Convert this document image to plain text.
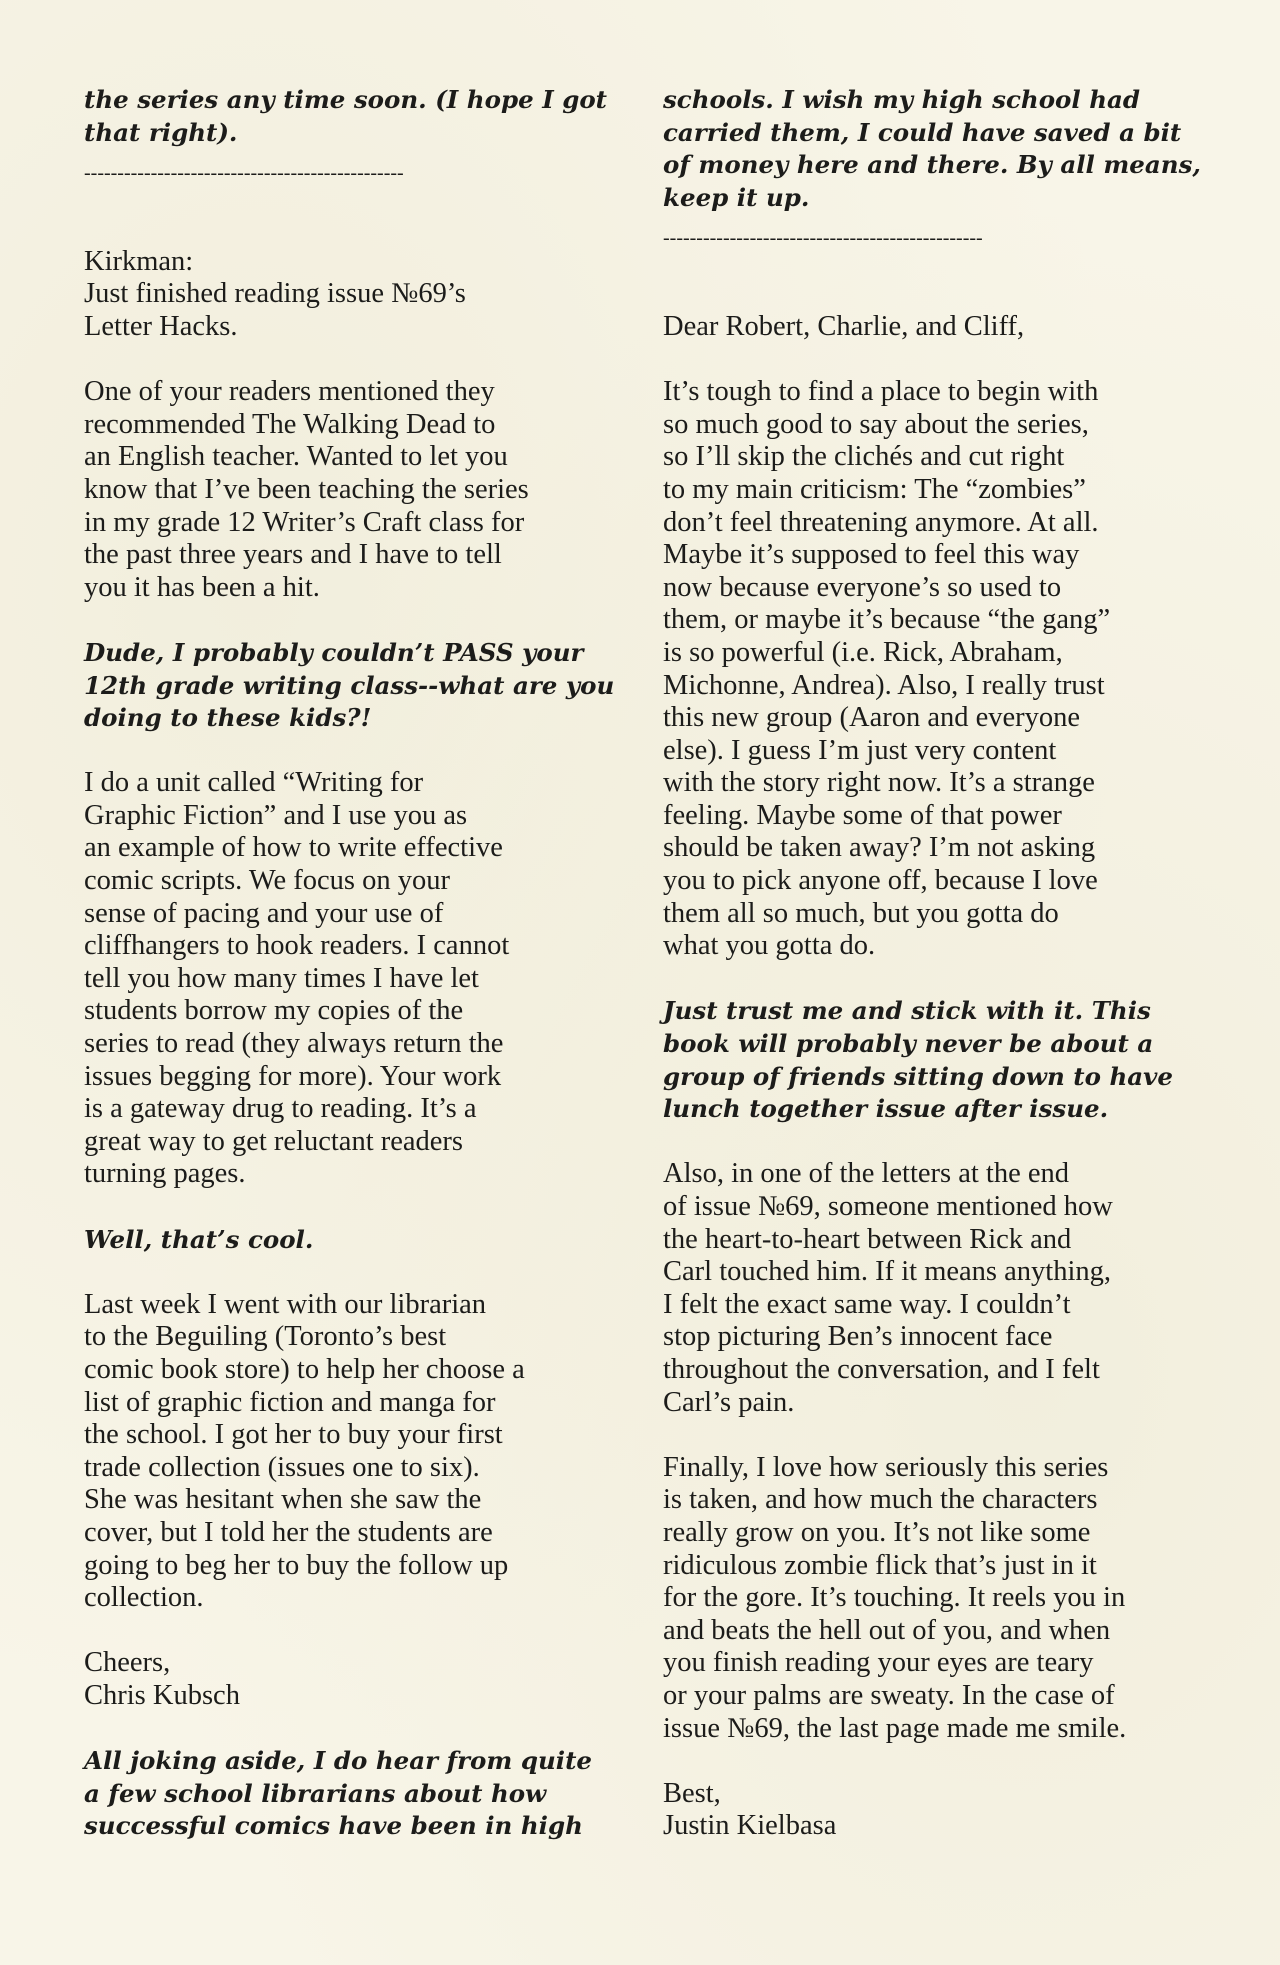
the series any time soon. (I hope I got
that right).

------------------------------------------------

Kirkman:
Just finished reading issue №69’s
Letter Hacks.

One of your readers mentioned they
recommended The Walking Dead to
an English teacher. Wanted to let you
know that I’ve been teaching the series
in my grade 12 Writer’s Craft class for
the past three years and I have to tell
you it has been a hit.

Dude, I probably couldn’t PASS your
12th grade writing class--what are you
doing to these kids?!

I do a unit called “Writing for
Graphic Fiction” and I use you as
an example of how to write effective
comic scripts. We focus on your
sense of pacing and your use of
cliffhangers to hook readers. I cannot
tell you how many times I have let
students borrow my copies of the
series to read (they always return the
issues begging for more). Your work
is a gateway drug to reading. It’s a
great way to get reluctant readers
turning pages.

Well, that’s cool.

Last week I went with our librarian
to the Beguiling (Toronto’s best
comic book store) to help her choose a
list of graphic fiction and manga for
the school. I got her to buy your first
trade collection (issues one to six).
She was hesitant when she saw the
cover, but I told her the students are
going to beg her to buy the follow up
collection.

Cheers,
Chris Kubsch

All joking aside, I do hear from quite
a few school librarians about how
successful comics have been in high

schools. I wish my high school had
carried them, I could have saved a bit
of money here and there. By all means,
keep it up.

------------------------------------------------

Dear Robert, Charlie, and Cliff,

It’s tough to find a place to begin with
so much good to say about the series,
so I’ll skip the clichés and cut right
to my main criticism: The “zombies”
don’t feel threatening anymore. At all.
Maybe it’s supposed to feel this way
now because everyone’s so used to
them, or maybe it’s because “the gang”
is so powerful (i.e. Rick, Abraham,
Michonne, Andrea). Also, I really trust
this new group (Aaron and everyone
else). I guess I’m just very content
with the story right now. It’s a strange
feeling. Maybe some of that power
should be taken away? I’m not asking
you to pick anyone off, because I love
them all so much, but you gotta do
what you gotta do.

Just trust me and stick with it. This
book will probably never be about a
group of friends sitting down to have
lunch together issue after issue.

Also, in one of the letters at the end
of issue №69, someone mentioned how
the heart-to-heart between Rick and
Carl touched him. If it means anything,
I felt the exact same way. I couldn’t
stop picturing Ben’s innocent face
throughout the conversation, and I felt
Carl’s pain.

Finally, I love how seriously this series
is taken, and how much the characters
really grow on you. It’s not like some
ridiculous zombie flick that’s just in it
for the gore. It’s touching. It reels you in
and beats the hell out of you, and when
you finish reading your eyes are teary
or your palms are sweaty. In the case of
issue №69, the last page made me smile.

Best,
Justin Kielbasa
